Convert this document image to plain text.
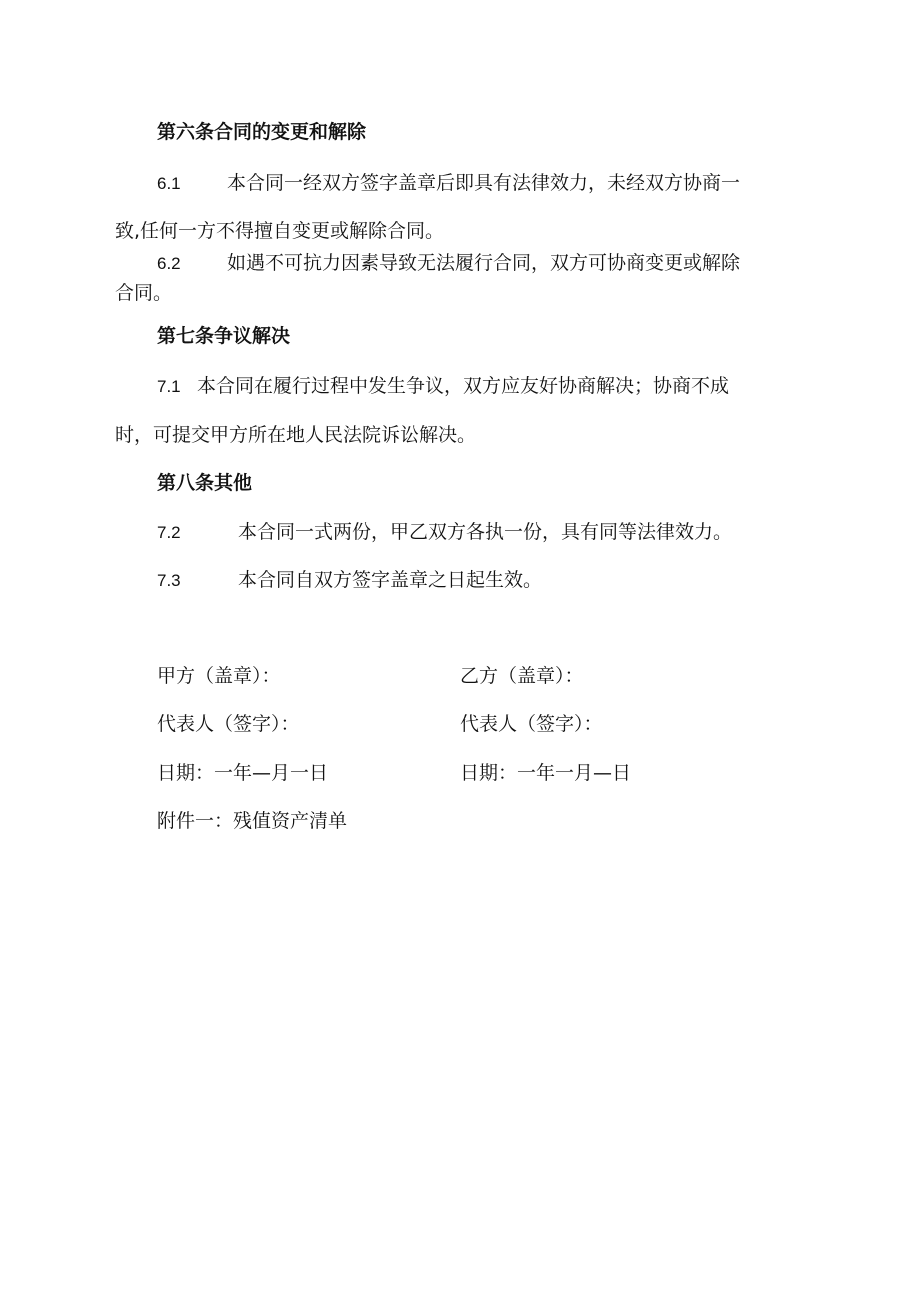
第六条合同的变更和解除
6.1 本合同一经双方签字盖章后即具有法律效力，未经双方协商一
致,任何一方不得擅自变更或解除合同。
6.2 如遇不可抗力因素导致无法履行合同，双方可协商变更或解除
合同。
第七条争议解决
7.1 本合同在履行过程中发生争议，双方应友好协商解决；协商不成
时，可提交甲方所在地人民法院诉讼解决。
第八条其他
7.2	本合同一式两份，甲乙双方各执一份，具有同等法律效力。
7.3	本合同自双方签字盖章之日起生效。
甲方（盖章）：	乙方（盖章）：
代表人（签字）：	代表人（签字）：
日期：一年—月一日	日期：一年一月—日
附件一：残值资产清单
